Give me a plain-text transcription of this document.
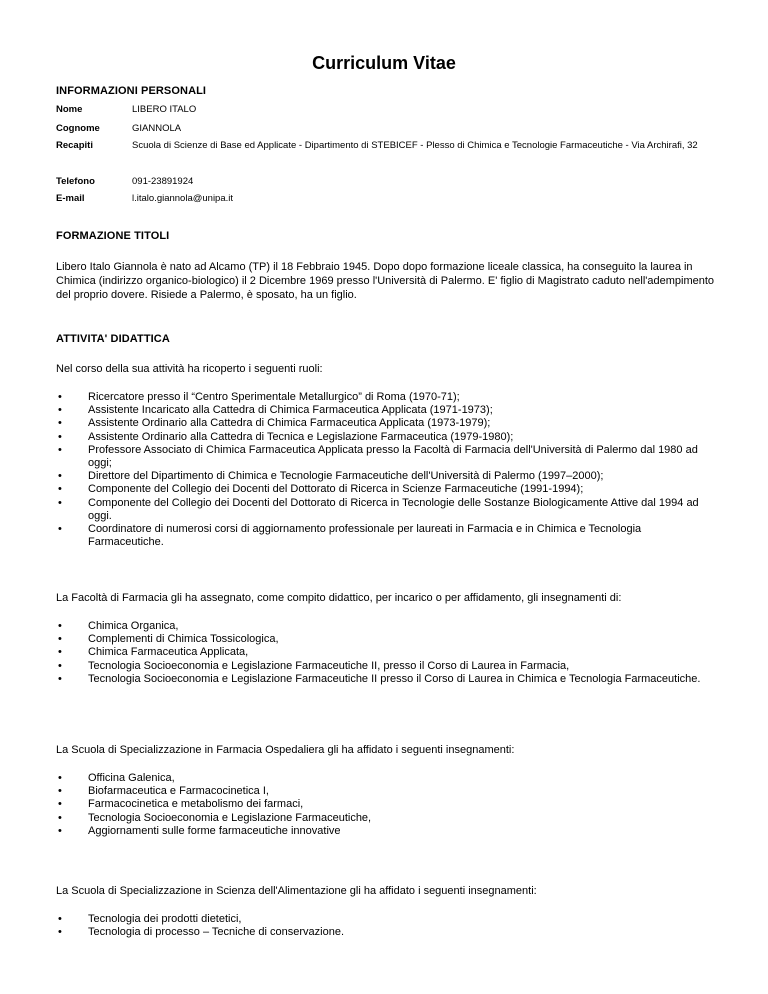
Curriculum Vitae
INFORMAZIONI PERSONALI
Nome	LIBERO ITALO
Cognome	GIANNOLA
Recapiti	Scuola di Scienze di Base ed Applicate - Dipartimento di STEBICEF - Plesso di Chimica e Tecnologie Farmaceutiche - Via Archirafi, 32
Telefono	091-23891924
E-mail	l.italo.giannola@unipa.it
FORMAZIONE TITOLI
Libero Italo Giannola è nato ad Alcamo (TP) il 18 Febbraio 1945. Dopo dopo formazione liceale classica, ha conseguito la laurea in Chimica (indirizzo organico-biologico) il 2 Dicembre 1969 presso l'Università di Palermo. E' figlio di Magistrato caduto nell'adempimento del proprio dovere. Risiede a Palermo, è sposato, ha un figlio.
ATTIVITA' DIDATTICA
Nel corso della sua attività ha ricoperto i seguenti ruoli:
•	Ricercatore presso il “Centro Sperimentale Metallurgico” di Roma (1970-71);
•	Assistente Incaricato alla Cattedra di Chimica Farmaceutica Applicata (1971-1973);
•	Assistente Ordinario alla Cattedra di Chimica Farmaceutica Applicata (1973-1979);
•	Assistente Ordinario alla Cattedra di Tecnica e Legislazione Farmaceutica (1979-1980);
•	Professore Associato di Chimica Farmaceutica Applicata presso la Facoltà di Farmacia dell'Università di Palermo dal 1980 ad oggi;
•	Direttore del Dipartimento di Chimica e Tecnologie Farmaceutiche dell'Università di Palermo (1997–2000);
•	Componente del Collegio dei Docenti del Dottorato di Ricerca in Scienze Farmaceutiche (1991-1994);
•	Componente del Collegio dei Docenti del Dottorato di Ricerca in Tecnologie delle Sostanze Biologicamente Attive dal 1994 ad oggi.
•	Coordinatore di numerosi corsi di aggiornamento professionale per laureati in Farmacia e in Chimica e Tecnologia Farmaceutiche.
La Facoltà di Farmacia gli ha assegnato, come compito didattico, per incarico o per affidamento, gli insegnamenti di:
•	Chimica Organica,
•	Complementi di Chimica Tossicologica,
•	Chimica Farmaceutica Applicata,
•	Tecnologia Socioeconomia e Legislazione Farmaceutiche II, presso il Corso di Laurea in Farmacia,
•	Tecnologia Socioeconomia e Legislazione Farmaceutiche II presso il Corso di Laurea in Chimica e Tecnologia Farmaceutiche.
La Scuola di Specializzazione in Farmacia Ospedaliera gli ha affidato i seguenti insegnamenti:
•	Officina Galenica,
•	Biofarmaceutica e Farmacocinetica I,
•	Farmacocinetica e metabolismo dei farmaci,
•	Tecnologia Socioeconomia e Legislazione Farmaceutiche,
•	Aggiornamenti sulle forme farmaceutiche innovative
La Scuola di Specializzazione in Scienza dell'Alimentazione gli ha affidato i seguenti insegnamenti:
•	Tecnologia dei prodotti dietetici,
•	Tecnologia di processo – Tecniche di conservazione.
